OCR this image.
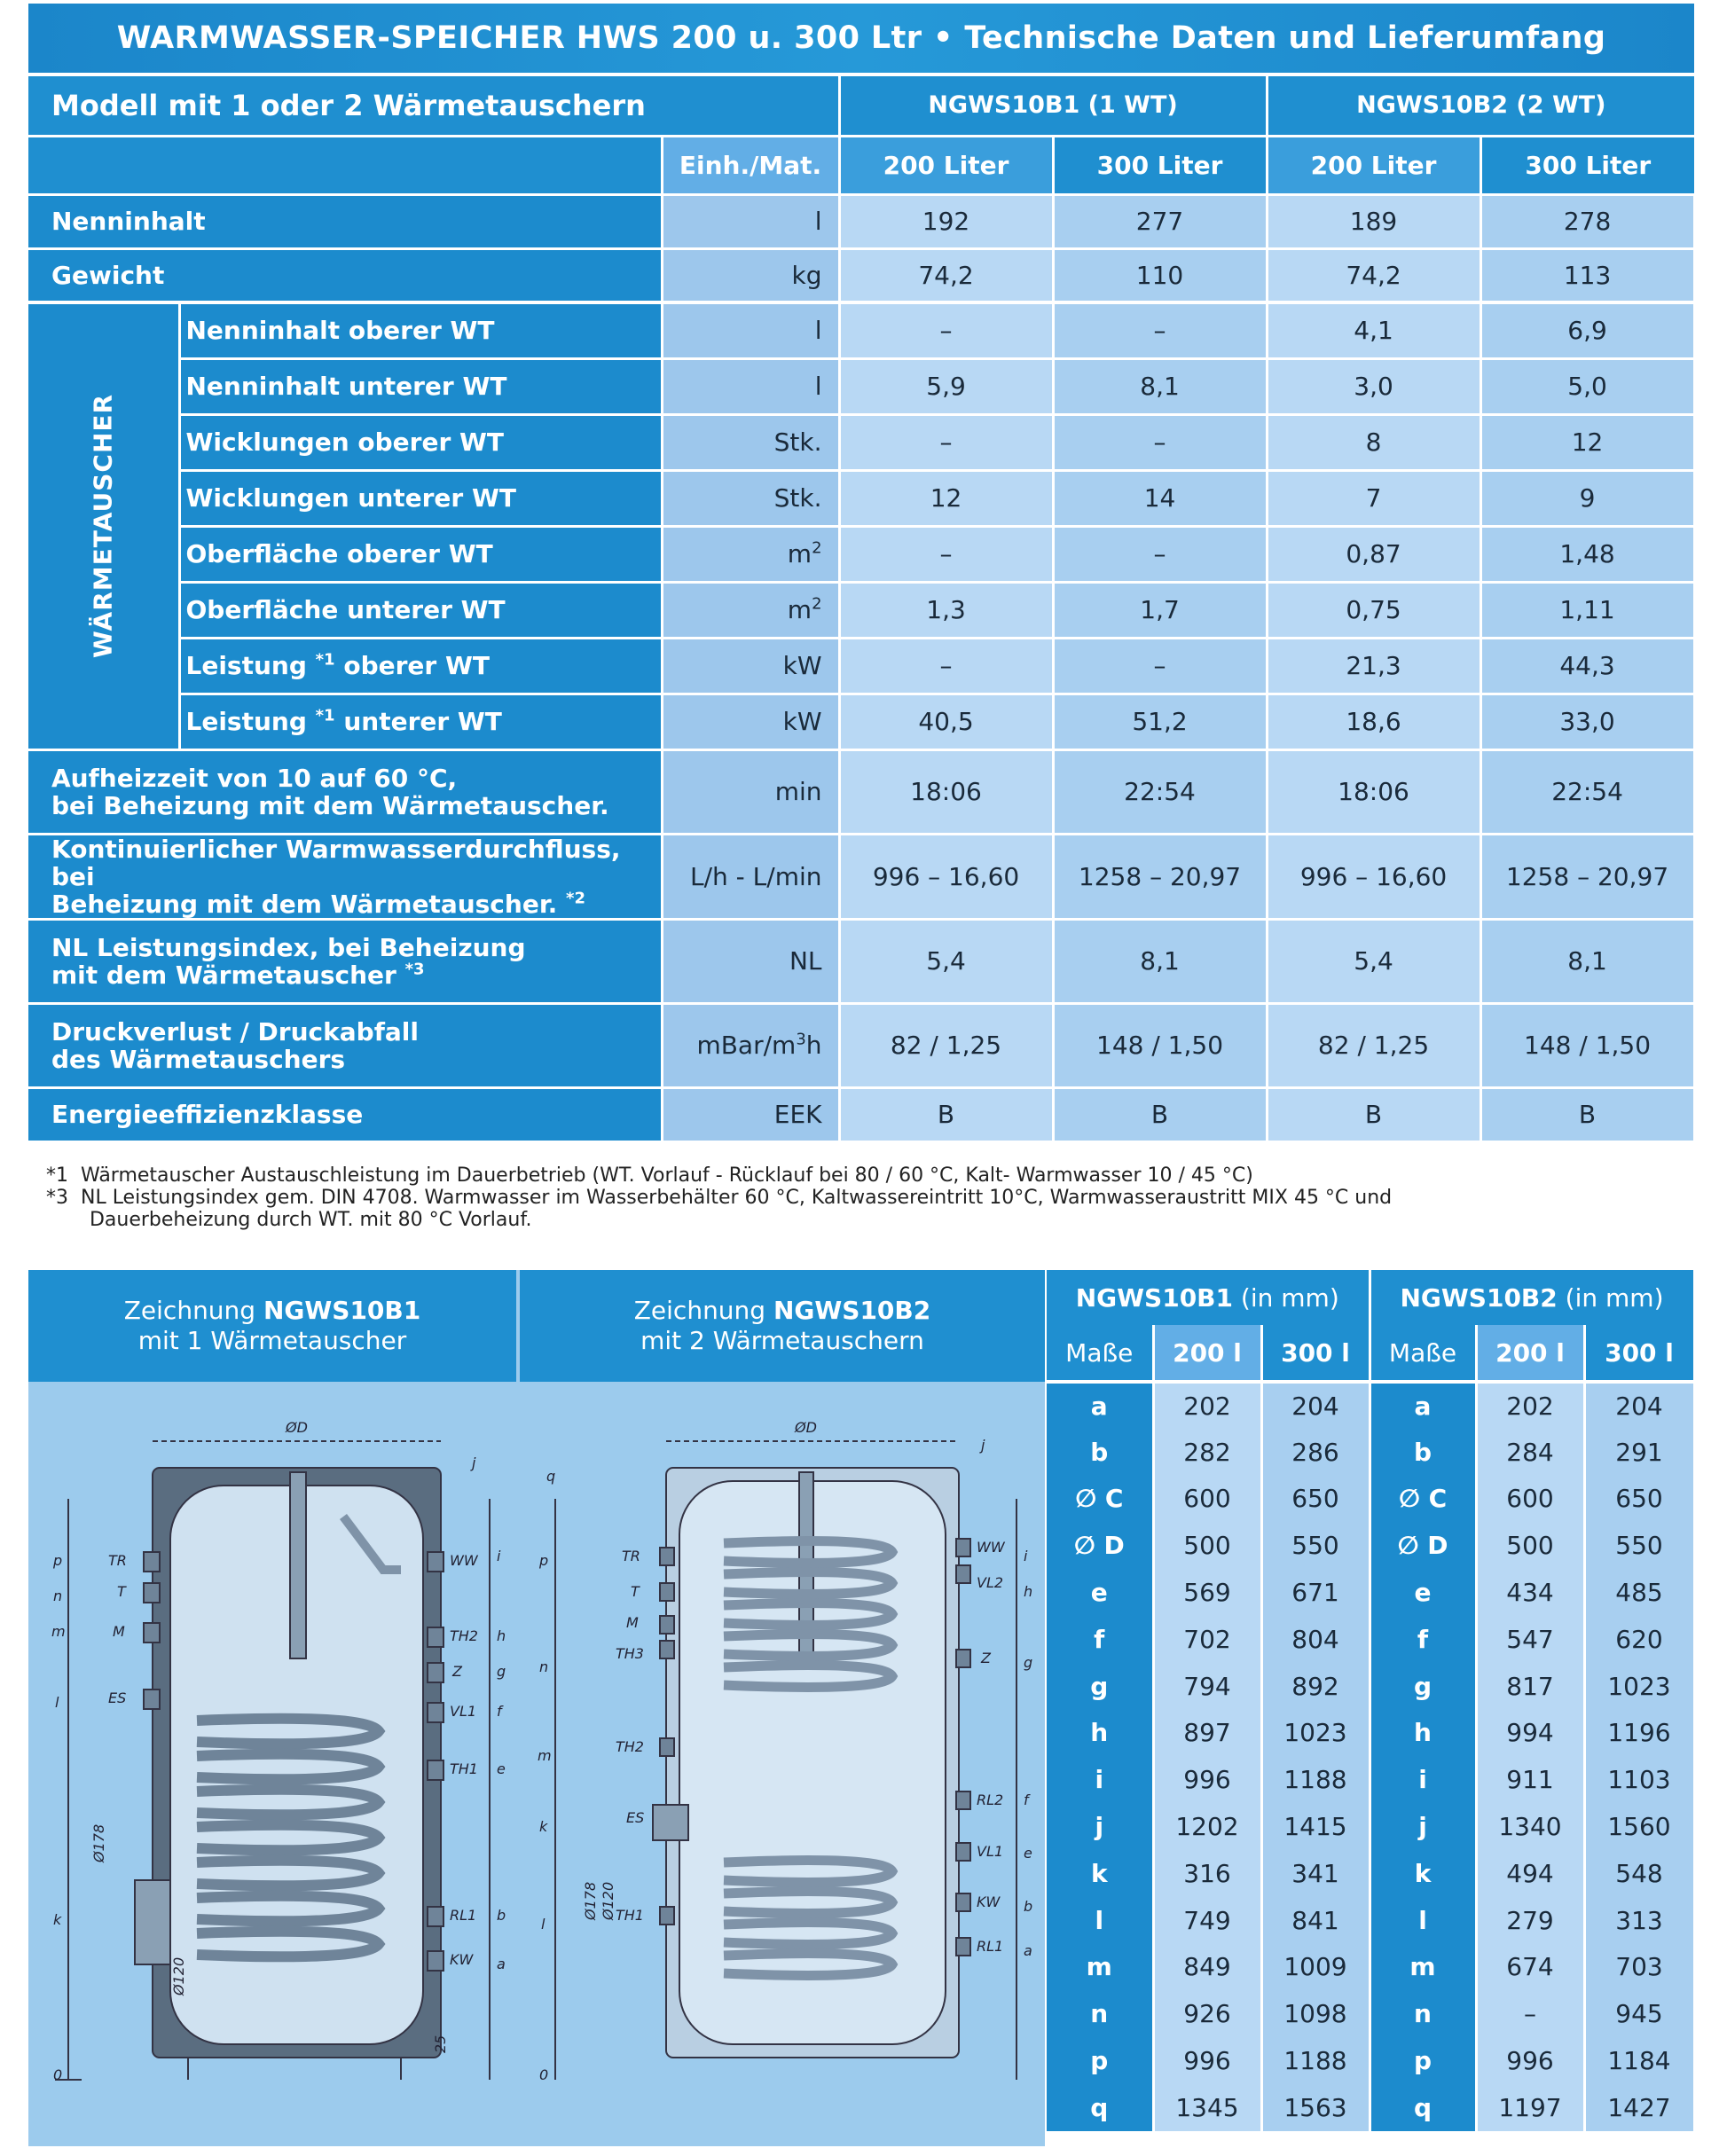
WARMWASSER-SPEICHER HWS 200 u. 300 Ltr • Technische Daten und Lieferumfang
Modell mit 1 oder 2 Wärmetauschern			NGWS10B1 (1 WT)		NGWS10B2 (2 WT)	
		Einh./Mat.	200 Liter	300 Liter	200 Liter	300 Liter
Nenninhalt		l	192	277	189	278
Gewicht		kg	74,2	110	74,2	113

WÄRMETAUSCHER	Nenninhalt oberer WT	l	–	–	4,1	6,9
	Nenninhalt unterer WT	l	5,9	8,1	3,0	5,0
	Wicklungen oberer WT	Stk.	–	–	8	12
	Wicklungen unterer WT	Stk.	12	14	7	9
	Oberfläche oberer WT	$m^2$	–	–	0,87	1,48
	Oberfläche unterer WT	$m^2$	1,3	1,7	0,75	1,11
	Leistung $^{*1}$ oberer WT	kW	–	–	21,3	44,3
	Leistung $^{*1}$ unterer WT	kW	40,5	51,2	18,6	33,0

Aufheizzeit von 10 auf 60 °C,
bei Beheizung mit dem Wärmetauscher.		min	18:06	22:54	18:06	22:54

Kontinuierlicher Warmwasserdurchfluss, bei
Beheizung mit dem Wärmetauscher. $^{*2}$		L/h - L/min	996 – 16,60	1258 – 20,97	996 – 16,60	1258 – 20,97

NL Leistungsindex, bei Beheizung
mit dem Wärmetauscher $^{*3}$		NL	5,4	8,1	5,4	8,1

Druckverlust / Druckabfall
des Wärmetauschers		mBar/$m^3h$	82 / 1,25	148 / 1,50	82 / 1,25	148 / 1,50
Energieeffizienzklasse		EEK	B	B	B	B
*1  Wärmetauscher Austauschleistung im Dauerbetrieb (WT. Vorlauf - Rücklauf bei 80 / 60 °C, Kalt- Warmwasser 10 / 45 °C)
*3  NL Leistungsindex gem. DIN 4708. Warmwasser im Wasserbehälter 60 °C, Kaltwassereintritt 10°C, Warmwasseraustritt MIX 45 °C und
Dauerbeheizung durch WT. mit 80 °C Vorlauf.
Zeichnung NGWS10B1
mit 1 Wärmetauscher
Zeichnung NGWS10B2
mit 2 Wärmetauschern
ØD
j
TR	WW
T
TH2
M
Z
ES
VL1
TH1
RL1
KW
Ø178
Ø120
25
p
n
m
l
k
i
h
g
f
e
b
a
0
ØD
j
q
TR
WW
VL2
T
M
TH3	Z
TH2
ES
RL2
VL1
KW
TH1
RL1
Ø178 Ø120
p
n
m
k
l
i
h
g
f
e
b
a
0
NGWS10B1 (in mm)			NGWS10B2 (in mm)		
Maße	200 l	300 l	Maße	200 l	300 l
a	202	204	a	202	204
b	282	286	b	284	291
∅ C	600	650	∅ C	600	650
∅ D	500	550	∅ D	500	550
e	569	671	e	434	485
f	702	804	f	547	620
g	794	892	g	817	1023
h	897	1023	h	994	1196
i	996	1188	i	911	1103
j	1202	1415	j	1340	1560
k	316	341	k	494	548
l	749	841	l	279	313
m	849	1009	m	674	703
n	926	1098	n	–	945
p	996	1188	p	996	1184
q	1345	1563	q	1197	1427
